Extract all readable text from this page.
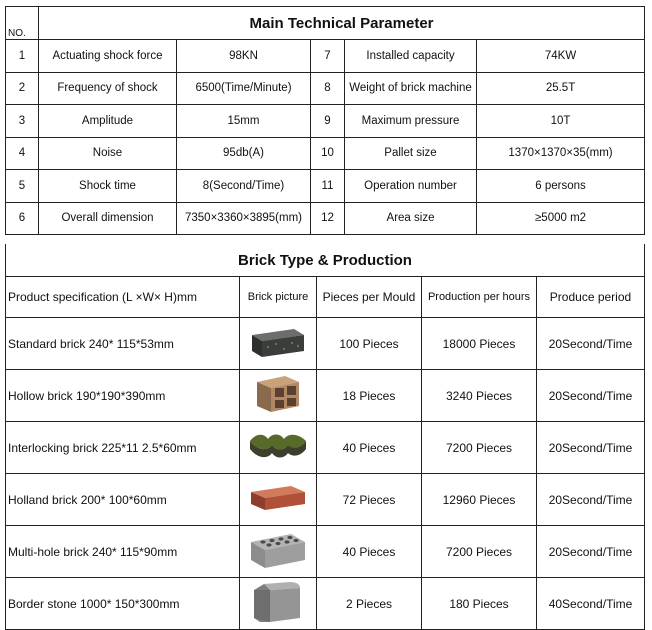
NO.	Main Technical Parameter				
1	Actuating shock force	98KN	7	Installed capacity	74KW
2	Frequency of shock	6500(Time/Minute)	8	Weight of brick machine	25.5T
3	Amplitude	15mm	9	Maximum pressure	10T
4	Noise	95db(A)	10	Pallet size	1370×1370×35(mm)
5	Shock time	8(Second/Time)	11	Operation number	6 persons
6	Overall dimension	7350×3360×3895(mm)	12	Area size	≥5000 m2
Brick Type & Production				
Product specification (L ×W× H)mm	Brick picture	Pieces per Mould	Production per hours	Produce period
Standard brick 240* 115*53mm		100 Pieces	18000 Pieces	20Second/Time
Hollow brick 190*190*390mm		18 Pieces	3240 Pieces	20Second/Time
Interlocking brick 225*11 2.5*60mm		40 Pieces	7200 Pieces	20Second/Time
Holland brick 200* 100*60mm		72 Pieces	12960 Pieces	20Second/Time
Multi-hole brick 240* 115*90mm		40 Pieces	7200 Pieces	20Second/Time
Border stone 1000* 150*300mm		2 Pieces	180 Pieces	40Second/Time
